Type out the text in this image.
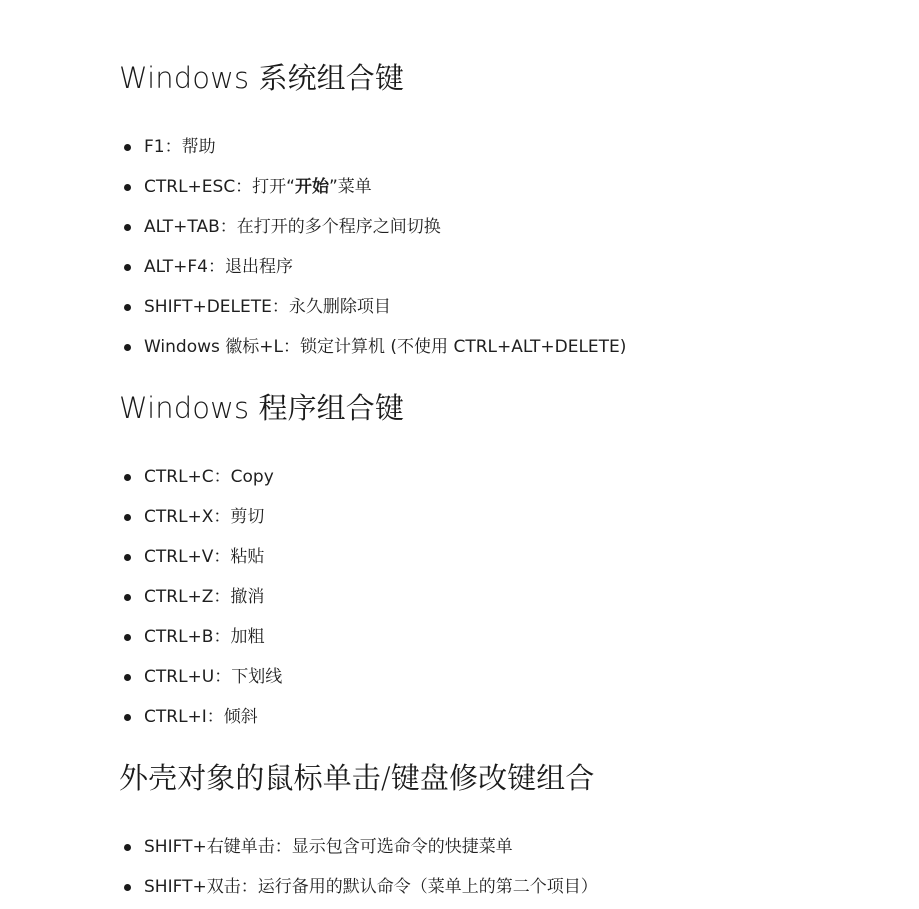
Windows 系统组合键
F1：帮助
CTRL+ESC：打开“开始”菜单
ALT+TAB：在打开的多个程序之间切换
ALT+F4：退出程序
SHIFT+DELETE：永久删除项目
Windows 徽标+L：锁定计算机 (不使用 CTRL+ALT+DELETE)
Windows 程序组合键
CTRL+C：Copy
CTRL+X：剪切
CTRL+V：粘贴
CTRL+Z：撤消
CTRL+B：加粗
CTRL+U：下划线
CTRL+I：倾斜
外壳对象的鼠标单击/键盘修改键组合
SHIFT+右键单击：显示包含可选命令的快捷菜单
SHIFT+双击：运行备用的默认命令（菜单上的第二个项目）
